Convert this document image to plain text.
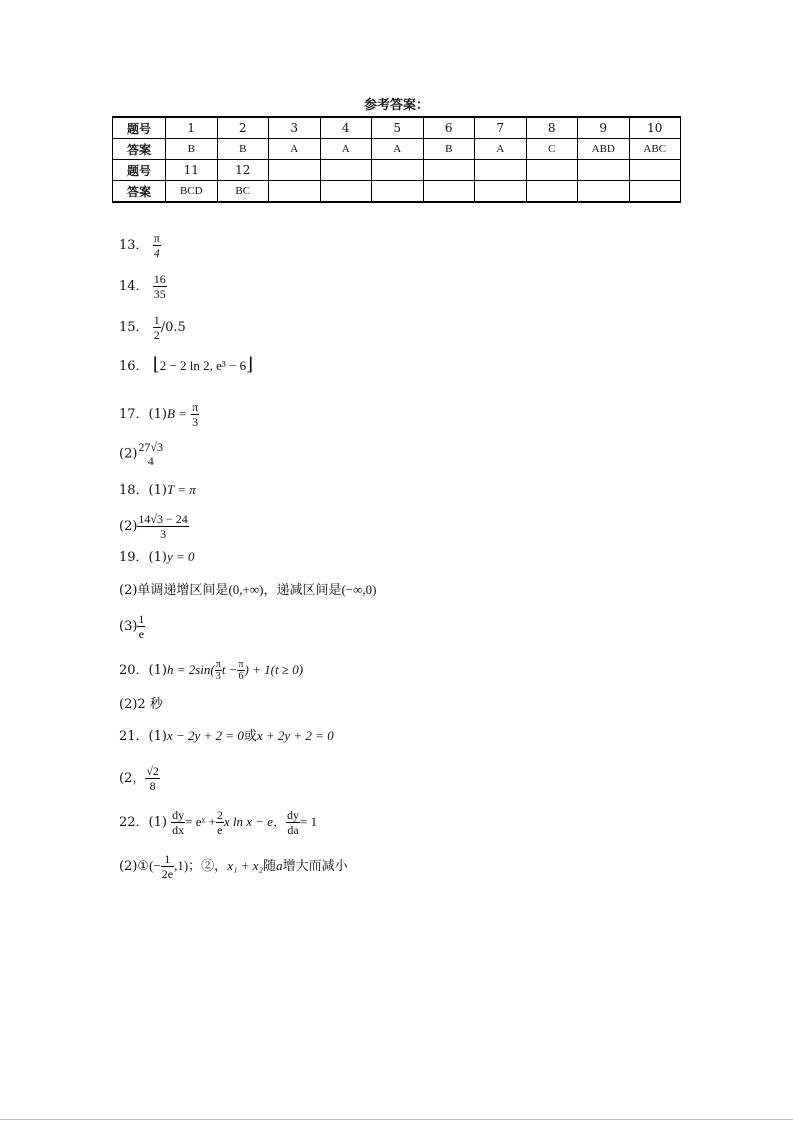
参考答案：
题号	1	2	3	4	5	6	7	8	9	10
答案	B	B	A	A	A	B	A	C	ABD	ABC
题号	11	12								
答案	BCD	BC								
13． $\frac{\pi}{4}$
14． $\frac{16}{35}$
15． $\frac{1}{2} /0.5$
16． ⌊2 − 2 ln 2, e³ − 6⌋
17．$(1)B = \frac{\pi}{3}$
(2) 27√3
4
18．(1)T = π
$(2) \frac{14√3 - 24}{3}$
19．(1)y = 0
(2)单调递增区间是(0,+∞)，递减区间是(−∞,0)
$(3) \frac{1}{e}$
20．$(1)h = 2\sin( \frac{\pi}{3}$ $t - \frac{\pi}{6}$ ) + 1(t ≥ 0)
(2)2 秒
21．(1)x − 2y + 2 = 0或x + 2y + 2 = 0
(2， $\frac{√2}{8}$
22．$(1) \frac{dy}{dx}$ = eˣ + $\frac{2}{e}$ x ln x − e， $\frac{dy}{da} = 1$
(2)①(− $\frac{1}{2e} ,1$)；②，x₁ + x₂随a增大而减小
